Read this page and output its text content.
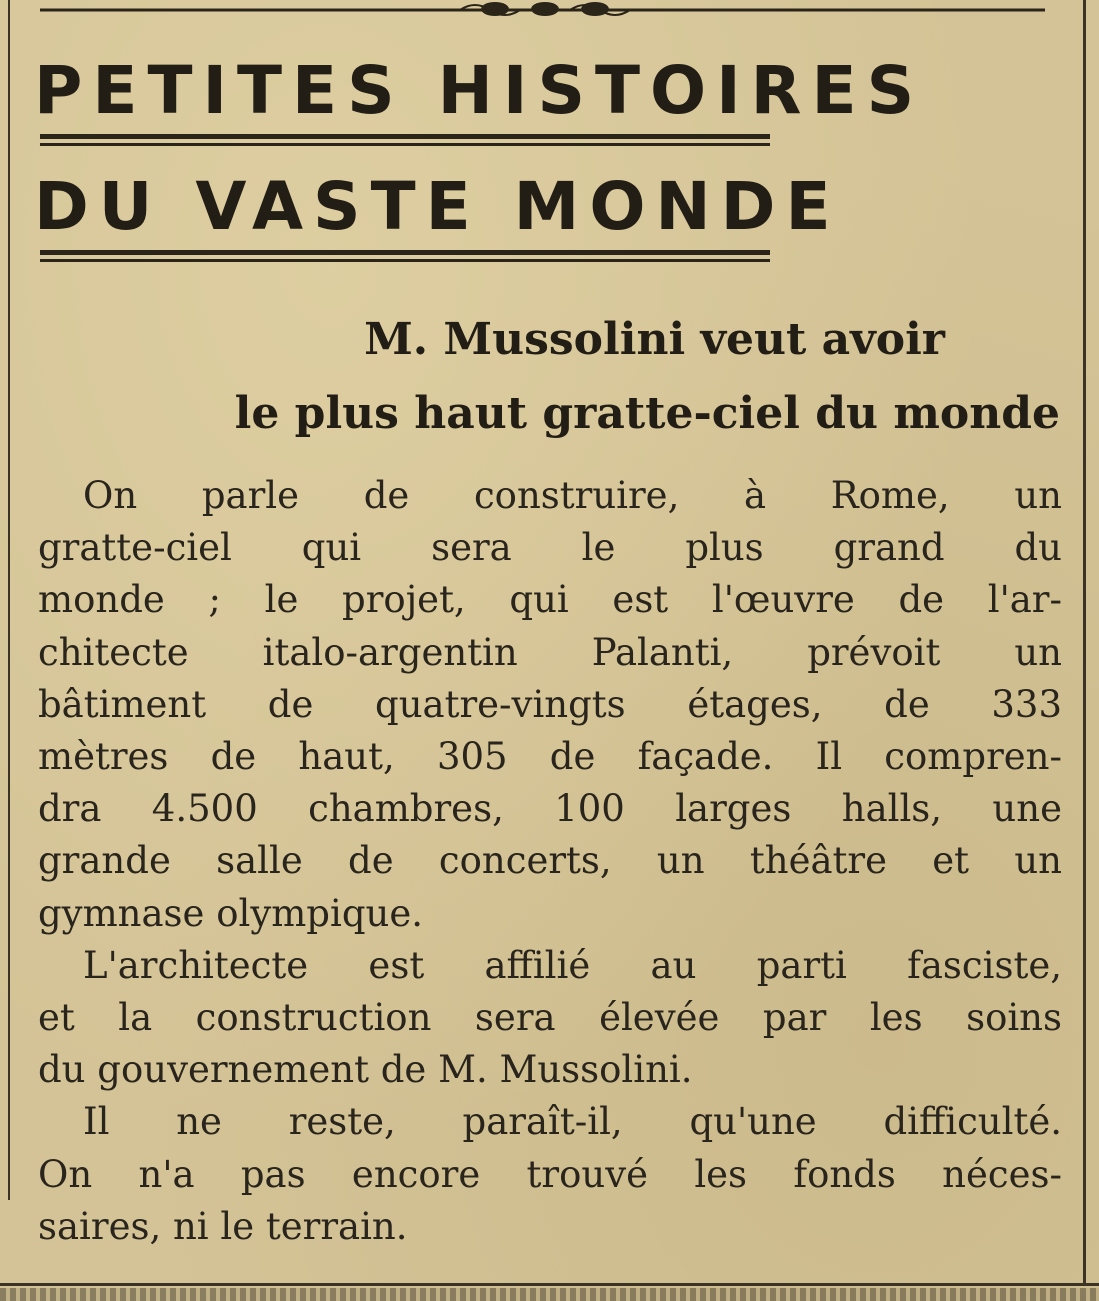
PETITES HISTOIRES
DU VASTE MONDE
M. Mussolini veut avoir
le plus haut gratte-ciel du monde
On parle de construire, à Rome, un
gratte-ciel qui sera le plus grand du
monde ; le projet, qui est l'œuvre de l'ar-
chitecte italo-argentin Palanti, prévoit un
bâtiment de quatre-vingts étages, de 333
mètres de haut, 305 de façade. Il compren-
dra 4.500 chambres, 100 larges halls, une
grande salle de concerts, un théâtre et un
gymnase olympique.
L'architecte est affilié au parti fasciste,
et la construction sera élevée par les soins
du gouvernement de M. Mussolini.
Il ne reste, paraît-il, qu'une difficulté.
On n'a pas encore trouvé les fonds néces-
saires, ni le terrain.
